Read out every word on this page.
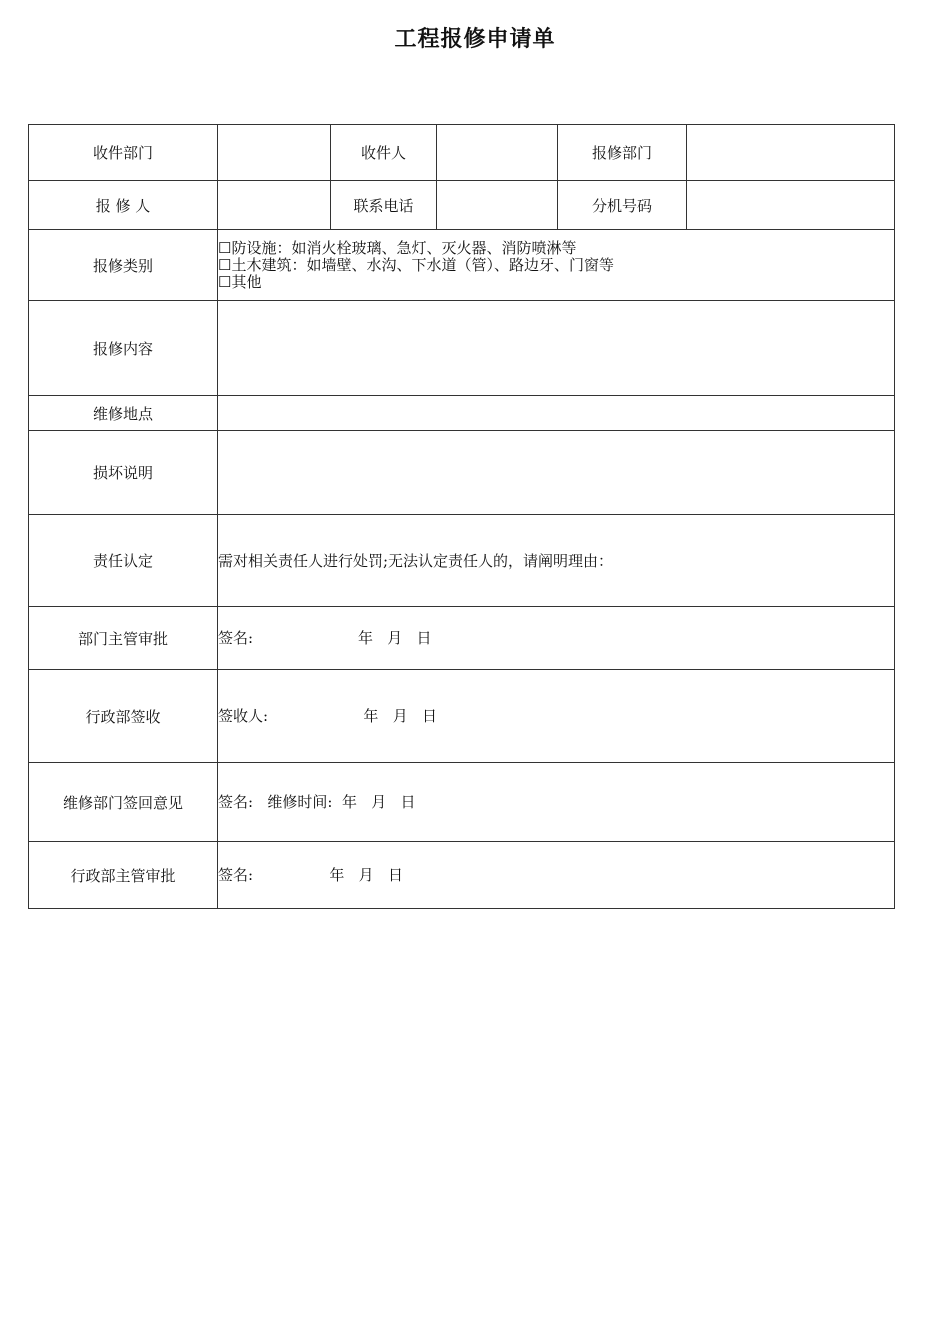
工程报修申请单
收件部门		收件人		报修部门	
报 修 人		联系电话		分机号码	
报修类别	☐防设施：如消火栓玻璃、急灯、灭火器、消防喷淋等
☐土木建筑：如墙壁、水沟、下水道（管）、路边牙、门窗等
☐其他				

报修内容					
维修地点					
损坏说明					
责任认定	需对相关责任人进行处罚;无法认定责任人的，请阐明理由：				

部门主管审批	签名:                      年   月   日				

行政部签收	签收人:                    年   月   日				

维修部门签回意见	签名:   维修时间:  年   月   日				

行政部主管审批	签名:                年   月   日				
